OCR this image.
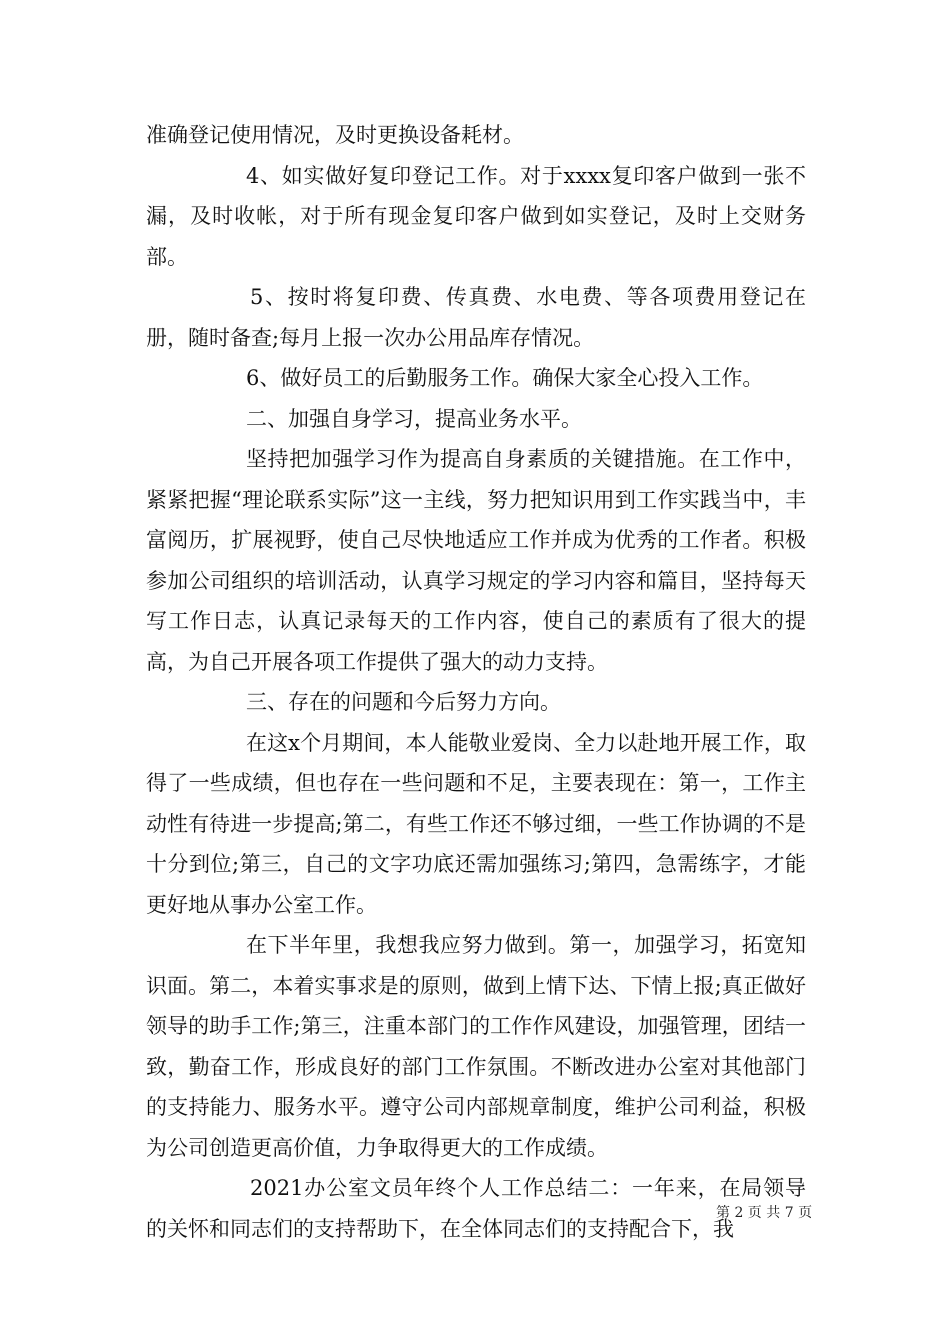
准确登记使用情况，及时更换设备耗材。

4、如实做好复印登记工作。对于xxxx复印客户做到一张不漏，及时收帐，对于所有现金复印客户做到如实登记，及时上交财务部。

5、按时将复印费、传真费、水电费、等各项费用登记在册，随时备查;每月上报一次办公用品库存情况。

6、做好员工的后勤服务工作。确保大家全心投入工作。

二、加强自身学习，提高业务水平。

坚持把加强学习作为提高自身素质的关键措施。在工作中，紧紧把握“理论联系实际”这一主线，努力把知识用到工作实践当中，丰富阅历，扩展视野，使自己尽快地适应工作并成为优秀的工作者。积极参加公司组织的培训活动，认真学习规定的学习内容和篇目，坚持每天写工作日志，认真记录每天的工作内容，使自己的素质有了很大的提高，为自己开展各项工作提供了强大的动力支持。

三、存在的问题和今后努力方向。

在这x个月期间，本人能敬业爱岗、全力以赴地开展工作，取得了一些成绩，但也存在一些问题和不足，主要表现在：第一，工作主动性有待进一步提高;第二，有些工作还不够过细，一些工作协调的不是十分到位;第三，自己的文字功底还需加强练习;第四，急需练字，才能更好地从事办公室工作。

在下半年里，我想我应努力做到。第一，加强学习，拓宽知识面。第二，本着实事求是的原则，做到上情下达、下情上报;真正做好领导的助手工作;第三，注重本部门的工作作风建设，加强管理，团结一致，勤奋工作，形成良好的部门工作氛围。不断改进办公室对其他部门的支持能力、服务水平。遵守公司内部规章制度，维护公司利益，积极为公司创造更高价值，力争取得更大的工作成绩。

2021办公室文员年终个人工作总结二：一年来，在局领导的关怀和同志们的支持帮助下，在全体同志们的支持配合下，我

第 2 页 共 7 页
